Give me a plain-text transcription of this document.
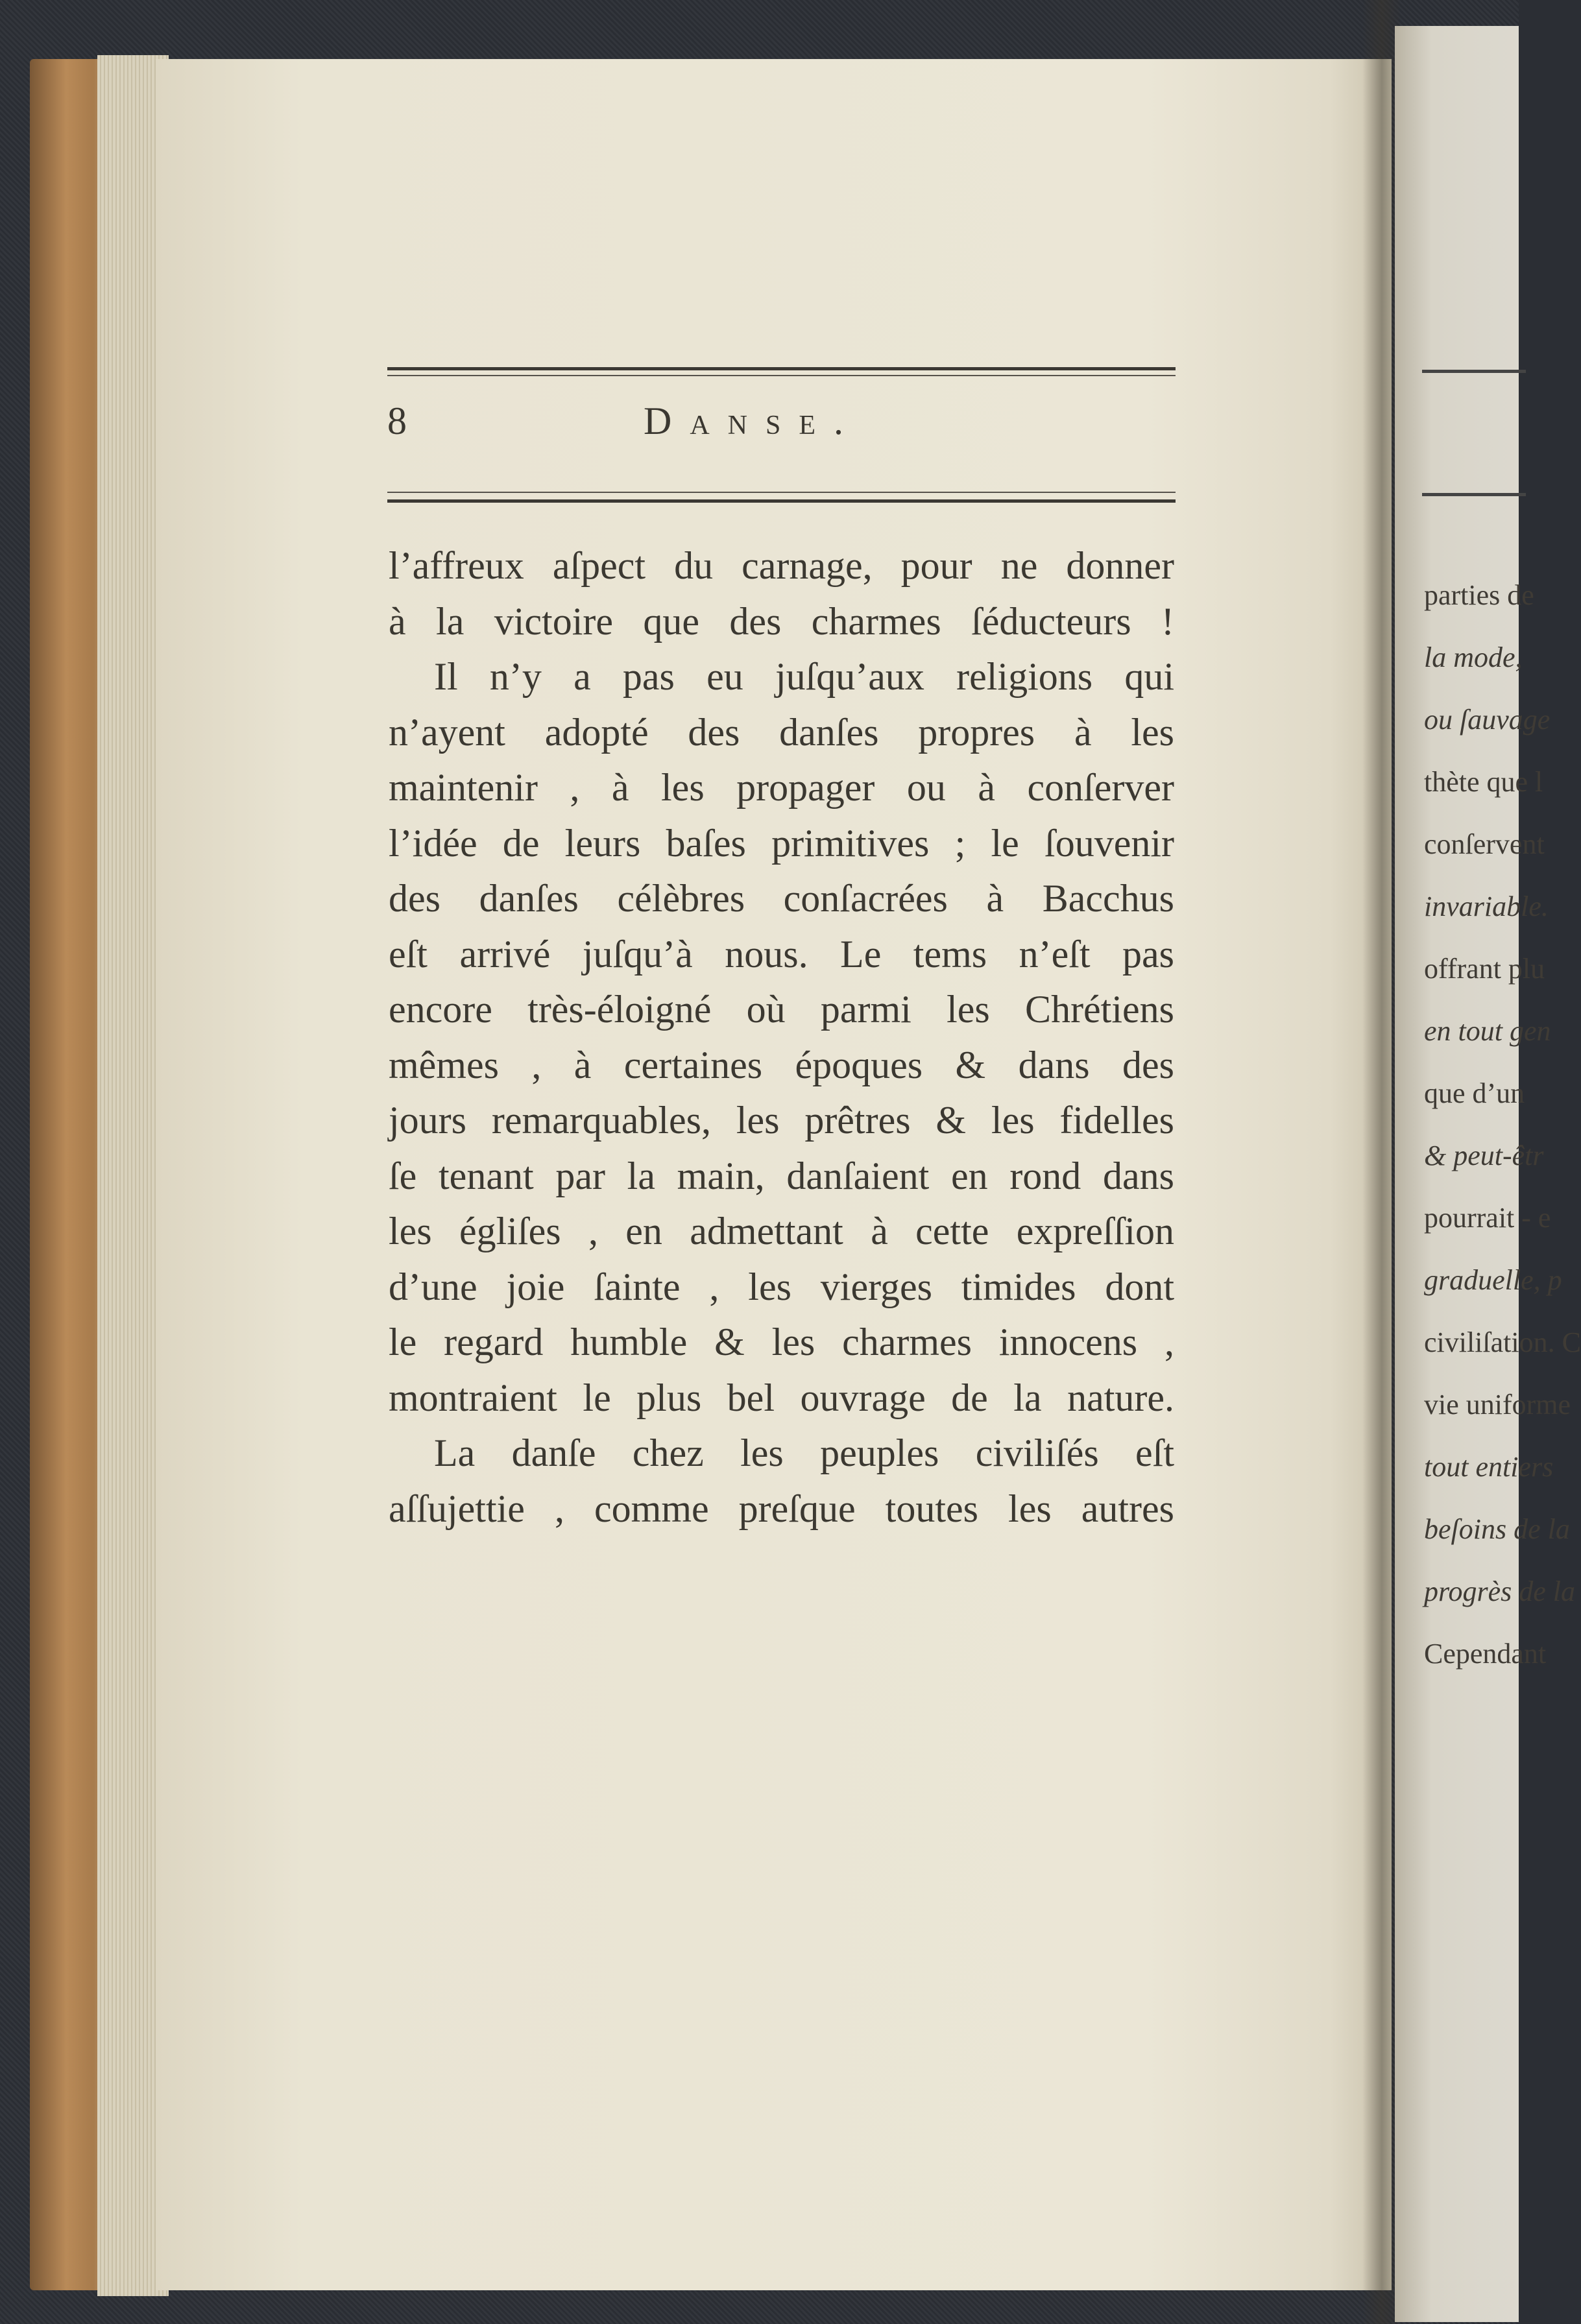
8	Danse.
l’affreux aſpect du carnage, pour ne donner
à la victoire que des charmes ſéducteurs !
Il n’y a pas eu juſqu’aux religions qui
n’ayent adopté des danſes propres à les
maintenir , à les propager ou à conſerver
l’idée de leurs baſes primitives ; le ſouvenir
des danſes célèbres conſacrées à Bacchus
eſt arrivé juſqu’à nous. Le tems n’eſt pas
encore très-éloigné où parmi les Chrétiens
mêmes , à certaines époques & dans des
jours remarquables, les prêtres & les fidelles
ſe tenant par la main, danſaient en rond dans
les égliſes , en admettant à cette expreſſion
d’une joie ſainte , les vierges timides dont
le regard humble & les charmes innocens ,
montraient le plus bel ouvrage de la nature.
La danſe chez les peuples civiliſés eſt
aſſujettie , comme preſque toutes les autres
parties de
la mode,
ou ſauvage
thète que l
conſervent
invariable.
offrant plu
en tout gen
que d’un
& peut-êtr
pourrait - e
graduelle, p
civiliſation. C
vie uniforme
tout entiers
beſoins de la
progrès de la
Cependant
